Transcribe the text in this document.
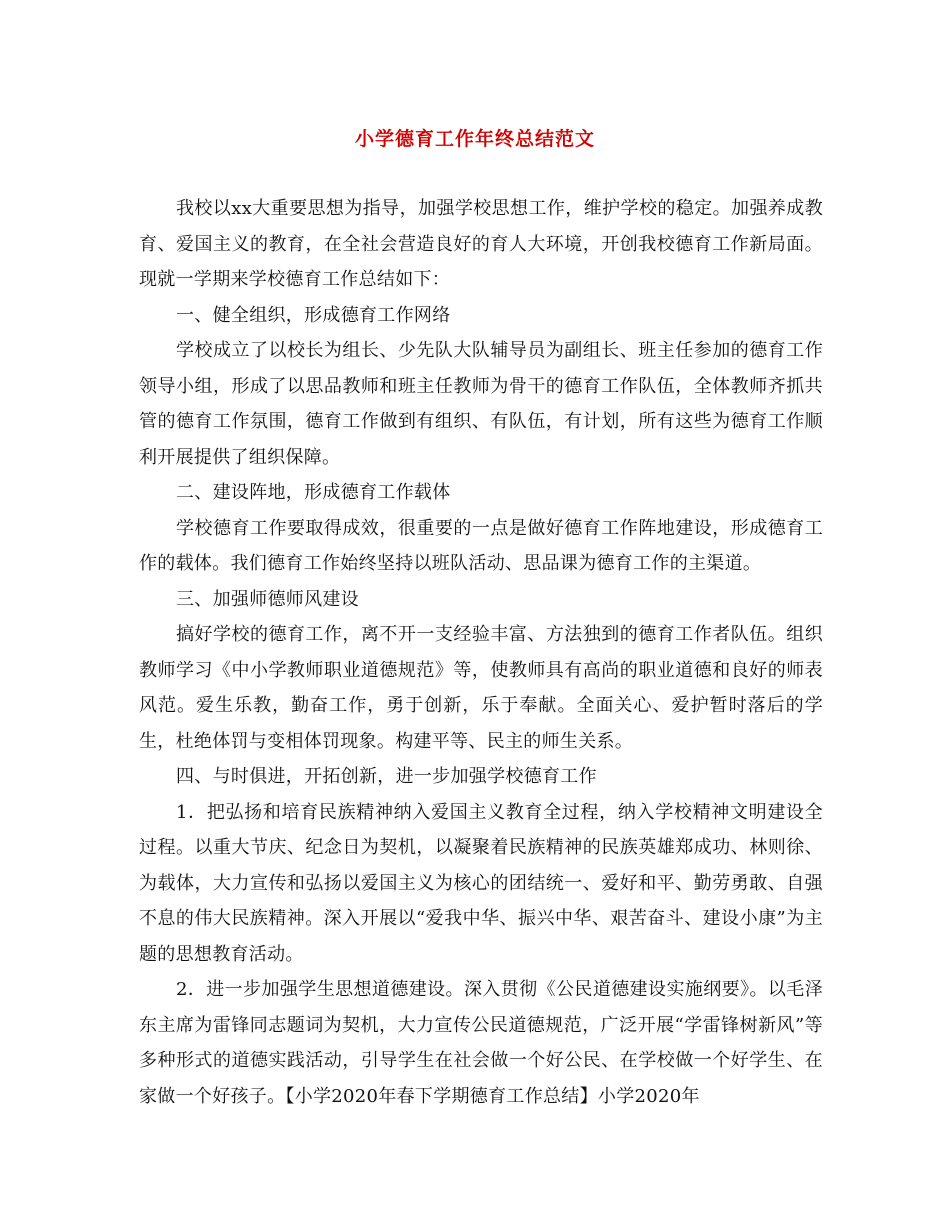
小学德育工作年终总结范文

我校以xx大重要思想为指导，加强学校思想工作，维护学校的稳定。加强养成教育、爱国主义的教育，在全社会营造良好的育人大环境，开创我校德育工作新局面。现就一学期来学校德育工作总结如下：

一、健全组织，形成德育工作网络

学校成立了以校长为组长、少先队大队辅导员为副组长、班主任参加的德育工作领导小组，形成了以思品教师和班主任教师为骨干的德育工作队伍，全体教师齐抓共管的德育工作氛围，德育工作做到有组织、有队伍，有计划，所有这些为德育工作顺利开展提供了组织保障。

二、建设阵地，形成德育工作载体

学校德育工作要取得成效，很重要的一点是做好德育工作阵地建设，形成德育工作的载体。我们德育工作始终坚持以班队活动、思品课为德育工作的主渠道。

三、加强师德师风建设

搞好学校的德育工作，离不开一支经验丰富、方法独到的德育工作者队伍。组织教师学习《中小学教师职业道德规范》等，使教师具有高尚的职业道德和良好的师表风范。爱生乐教，勤奋工作，勇于创新，乐于奉献。全面关心、爱护暂时落后的学生，杜绝体罚与变相体罚现象。构建平等、民主的师生关系。

四、与时俱进，开拓创新，进一步加强学校德育工作

1．把弘扬和培育民族精神纳入爱国主义教育全过程，纳入学校精神文明建设全过程。以重大节庆、纪念日为契机，以凝聚着民族精神的民族英雄郑成功、林则徐、为载体，大力宣传和弘扬以爱国主义为核心的团结统一、爱好和平、勤劳勇敢、自强不息的伟大民族精神。深入开展以“爱我中华、振兴中华、艰苦奋斗、建设小康”为主题的思想教育活动。

2．进一步加强学生思想道德建设。深入贯彻《公民道德建设实施纲要》。以毛泽东主席为雷锋同志题词为契机，大力宣传公民道德规范，广泛开展“学雷锋树新风”等多种形式的道德实践活动，引导学生在社会做一个好公民、在学校做一个好学生、在家做一个好孩子。【小学2020年春下学期德育工作总结】小学2020年
